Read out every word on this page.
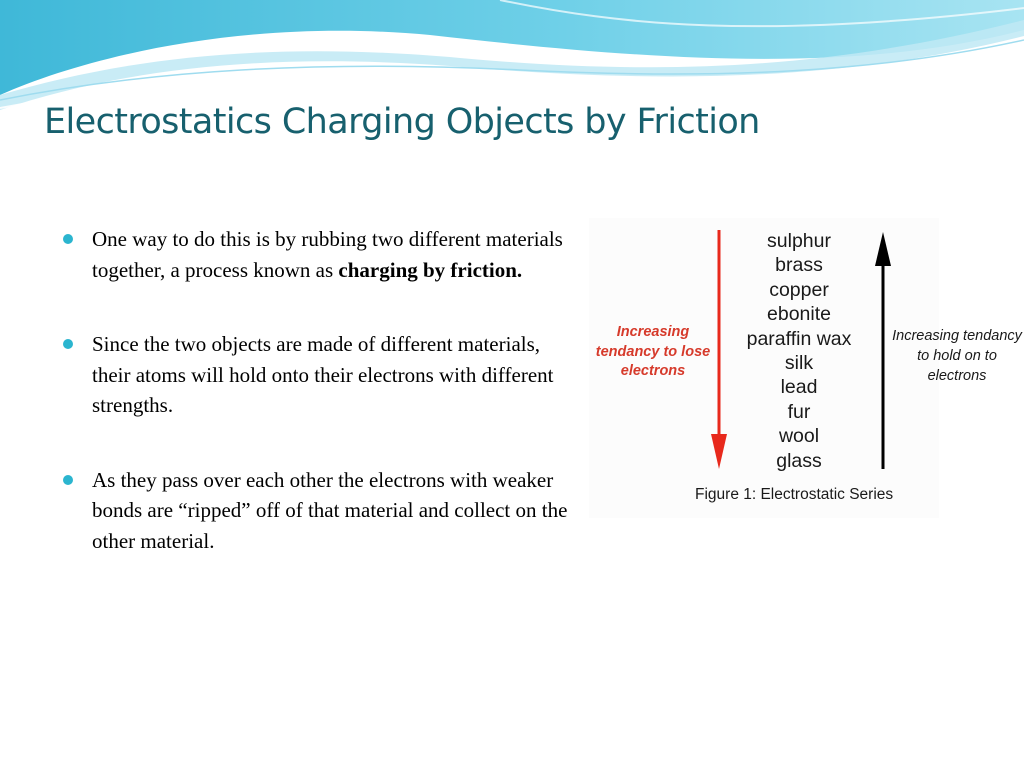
Electrostatics Charging Objects by Friction
One way to do this is by rubbing two different materials together, a process known as charging by friction.
Since the two objects are made of different materials, their atoms will hold onto their electrons with different strengths.
As they pass over each other the electrons with weaker bonds are “ripped” off of that material and collect on the other material.
sulphur
brass
copper
ebonite
paraffin wax
silk
lead
fur
wool
glass
Increasing tendancy to lose electrons
Increasing tendancy to hold on to electrons
Figure 1: Electrostatic Series
